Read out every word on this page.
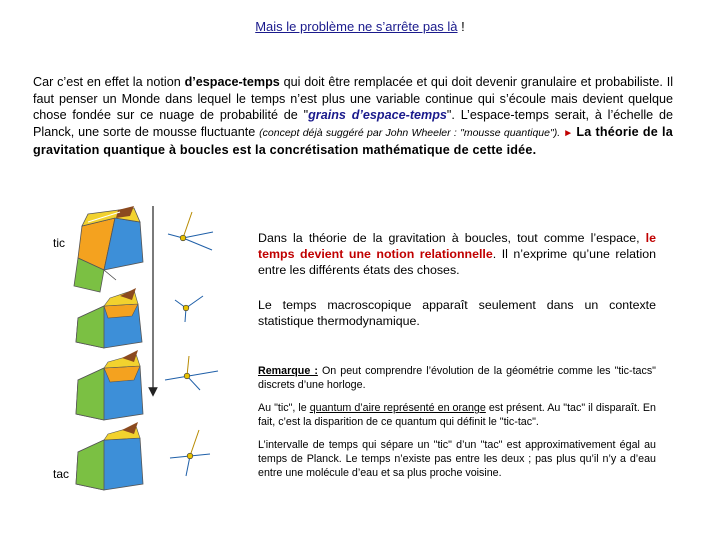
Mais le problème ne s’arrête pas là !
Car c’est en effet la notion d’espace-temps qui doit être remplacée et qui doit devenir granulaire et probabiliste. Il faut penser un Monde dans lequel le temps n’est plus une variable continue qui s’écoule mais devient quelque chose fondée sur ce nuage de probabilité de "grains d’espace-temps". L’espace-temps serait, à l’échelle de Planck, une sorte de mousse fluctuante (concept déjà suggéré par John Wheeler : "mousse quantique"). ► La théorie de la gravitation quantique à boucles est la concrétisation mathématique de cette idée.
tic
tac
Dans la théorie de la gravitation à boucles, tout comme l’espace, le temps devient une notion relationnelle. Il n’exprime qu’une relation entre les différents états des choses.
Le temps macroscopique apparaît seulement dans un contexte statistique thermodynamique.
Remarque : On peut comprendre l’évolution de la géométrie comme les "tic-tacs" discrets d’une horloge.
Au "tic", le quantum d’aire représenté en orange est présent. Au "tac" il disparaît. En fait, c’est la disparition de ce quantum qui définit le "tic-tac".
L’intervalle de temps qui sépare un "tic" d’un "tac" est approximativement égal au temps de Planck. Le temps n’existe pas entre les deux ; pas plus qu’il n’y a d’eau entre une molécule d’eau et sa plus proche voisine.
